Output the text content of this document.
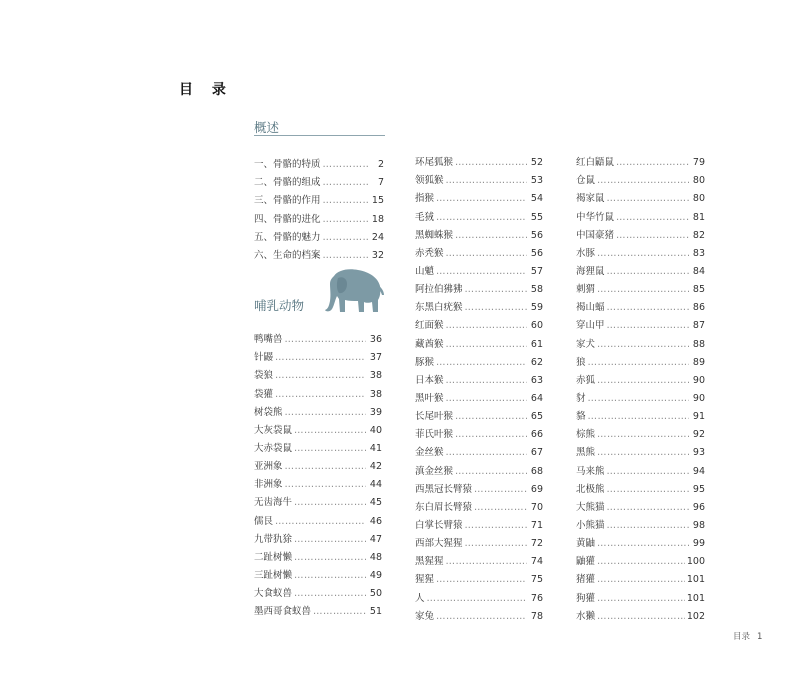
目 录
概述
一、骨骼的特质 ……………………………………………………………	2
二、骨骼的组成 ……………………………………………………………	7
三、骨骼的作用 ……………………………………………………………	15
四、骨骼的进化 ……………………………………………………………	18
五、骨骼的魅力 ……………………………………………………………	24
六、生命的档案 ……………………………………………………………	32
哺乳动物
鸭嘴兽 ……………………………………………………………	36
针鼹 ……………………………………………………………	37
袋狼 ……………………………………………………………	38
袋獾 ……………………………………………………………	38
树袋熊 ……………………………………………………………	39
大灰袋鼠 ……………………………………………………………	40
大赤袋鼠 ……………………………………………………………	41
亚洲象 ……………………………………………………………	42
非洲象 ……………………………………………………………	44
无齿海牛 ……………………………………………………………	45
儒艮 ……………………………………………………………	46
九带犰狳 ……………………………………………………………	47
二趾树懒 ……………………………………………………………	48
三趾树懒 ……………………………………………………………	49
大食蚁兽 ……………………………………………………………	50
墨西哥食蚁兽 ……………………………………………………………	51
环尾狐猴 ……………………………………………………………	52
领狐猴 ……………………………………………………………	53
指猴 ……………………………………………………………	54
毛狨 ……………………………………………………………	55
黑蜘蛛猴 ……………………………………………………………	56
赤秃猴 ……………………………………………………………	56
山魈 ……………………………………………………………	57
阿拉伯狒狒 ……………………………………………………………	58
东黑白疣猴 ……………………………………………………………	59
红面猴 ……………………………………………………………	60
藏酋猴 ……………………………………………………………	61
豚猴 ……………………………………………………………	62
日本猴 ……………………………………………………………	63
黑叶猴 ……………………………………………………………	64
长尾叶猴 ……………………………………………………………	65
菲氏叶猴 ……………………………………………………………	66
金丝猴 ……………………………………………………………	67
滇金丝猴 ……………………………………………………………	68
西黑冠长臂猿 ……………………………………………………………	69
东白眉长臂猿 ……………………………………………………………	70
白掌长臂猿 ……………………………………………………………	71
西部大猩猩 ……………………………………………………………	72
黑猩猩 ……………………………………………………………	74
猩猩 ……………………………………………………………	75
人 ……………………………………………………………	76
家兔 ……………………………………………………………	78
红白鼯鼠 ……………………………………………………………	79
仓鼠 ……………………………………………………………	80
褐家鼠 ……………………………………………………………	80
中华竹鼠 ……………………………………………………………	81
中国豪猪 ……………………………………………………………	82
水豚 ……………………………………………………………	83
海狸鼠 ……………………………………………………………	84
刺猬 ……………………………………………………………	85
褐山蝠 ……………………………………………………………	86
穿山甲 ……………………………………………………………	87
家犬 ……………………………………………………………	88
狼 ……………………………………………………………	89
赤狐 ……………………………………………………………	90
豺 ……………………………………………………………	90
貉 ……………………………………………………………	91
棕熊 ……………………………………………………………	92
黑熊 ……………………………………………………………	93
马来熊 ……………………………………………………………	94
北极熊 ……………………………………………………………	95
大熊猫 ……………………………………………………………	96
小熊猫 ……………………………………………………………	98
黄鼬 ……………………………………………………………	99
鼬獾 ……………………………………………………………	100
猪獾 ……………………………………………………………	101
狗獾 ……………………………………………………………	101
水獭 ……………………………………………………………	102
目录 1
